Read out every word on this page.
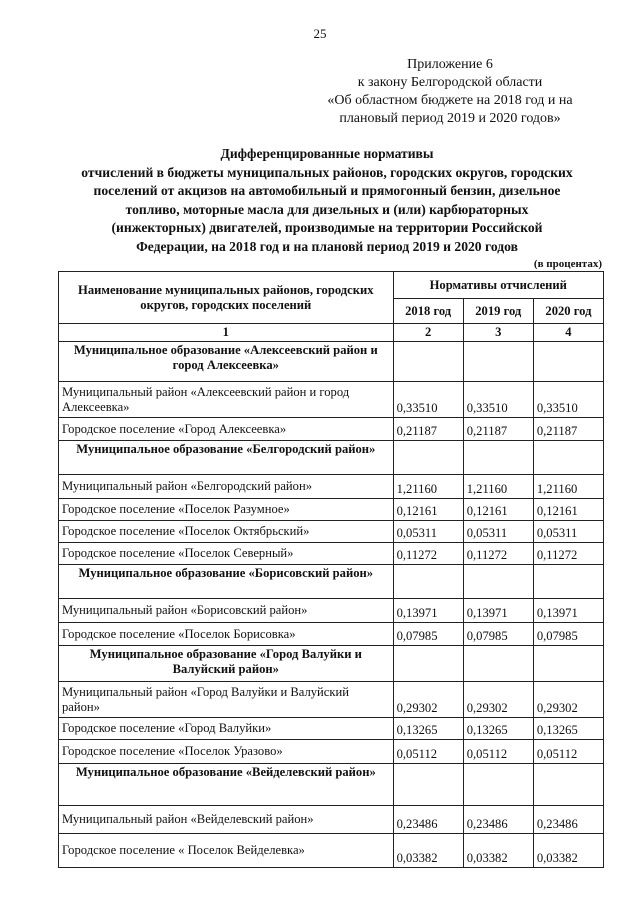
25
Приложение 6
к закону Белгородской области
«Об областном бюджете на 2018 год и на
плановый период 2019 и 2020 годов»
Дифференцированные нормативы
отчислений в бюджеты муниципальных районов, городских округов, городских
поселений от акцизов на автомобильный и прямогонный бензин, дизельное
топливо, моторные масла для дизельных и (или) карбюраторных
(инжекторных) двигателей, производимые на территории Российской
Федерации, на 2018 год и на плановй период 2019 и 2020 годов
(в процентах)
Наименование муниципальных районов, городских округов, городских поселений	Нормативы отчислений		
	2018 год	2019 год	2020 год
1	2	3	4
Муниципальное образование «Алексеевский район и город Алексеевка»			
Муниципальный район «Алексеевский район и город Алексеевка»	0,33510	0,33510	0,33510
Городское поселение «Город Алексеевка»	0,21187	0,21187	0,21187
Муниципальное образование «Белгородский район»			
Муниципальный район «Белгородский район»	1,21160	1,21160	1,21160
Городское поселение «Поселок Разумное»	0,12161	0,12161	0,12161
Городское поселение «Поселок Октябрьский»	0,05311	0,05311	0,05311
Городское поселение «Поселок Северный»	0,11272	0,11272	0,11272
Муниципальное образование «Борисовский район»			
Муниципальный район «Борисовский район»	0,13971	0,13971	0,13971
Городское поселение «Поселок Борисовка»	0,07985	0,07985	0,07985
Муниципальное образование «Город Валуйки и Валуйский район»			
Муниципальный район «Город Валуйки и Валуйский район»	0,29302	0,29302	0,29302
Городское поселение «Город Валуйки»	0,13265	0,13265	0,13265
Городское поселение «Поселок Уразово»	0,05112	0,05112	0,05112
Муниципальное образование «Вейделевский район»			
Муниципальный район «Вейделевский район»	0,23486	0,23486	0,23486
Городское поселение « Поселок Вейделевка»	0,03382	0,03382	0,03382
